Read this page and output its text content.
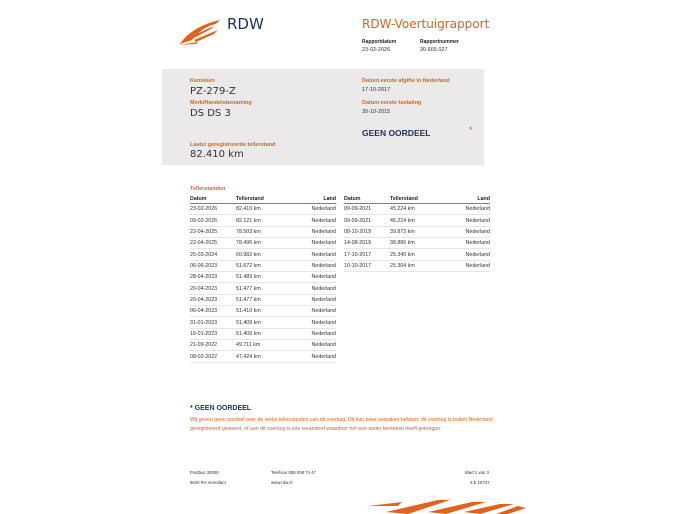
RDW	RDW-Voertuigrapport
Rapportdatum
23-02-2026
Rapportnummer
30.665.027
Kenteken
PZ-279-Z
Merk/Handelsbenaming
DS DS 3
Laatst geregistreerde tellerstand
82.410 km
Datum eerste afgifte in Nederland
17-10-2017
Datum eerste toelating
30-10-2015
GEEN OORDEEL	*
Tellerstanden
Datum	Tellerstand	Land
23-02-2026	82.410 km	Nederland
09-02-2026	82.121 km	Nederland
22-04-2025	78.503 km	Nederland
22-04-2025	78.496 km	Nederland
25-03-2024	60.982 km	Nederland
06-06-2023	51.672 km	Nederland
28-04-2023	51.489 km	Nederland
20-04-2023	51.477 km	Nederland
20-04-2023	51.477 km	Nederland
06-04-2023	51.410 km	Nederland
31-01-2023	51.409 km	Nederland
16-01-2023	51.409 km	Nederland
21-09-2022	49.711 km	Nederland
08-02-2022	47.424 km	Nederland
Datum	Tellerstand	Land
09-09-2021	45.224 km	Nederland
09-09-2021	45.224 km	Nederland
08-10-2019	39.873 km	Nederland
14-08-2019	38.886 km	Nederland
17-10-2017	25.340 km	Nederland
10-10-2017	25.304 km	Nederland
* GEEN OORDEEL
Wij geven geen oordeel over de reeks tellerstanden van dit voertuig. Dit kan twee oorzaken hebben: dit voertuig is buiten Nederland geregistreerd geweest, of aan dit voertuig is iets veranderd waardoor het een ander kenteken heeft gekregen.
Postbus 30000
9640 RA Veendam
Telefoon 088 008 74 47
www.rdw.nl
Blad 1 van 3
3.E 18737
